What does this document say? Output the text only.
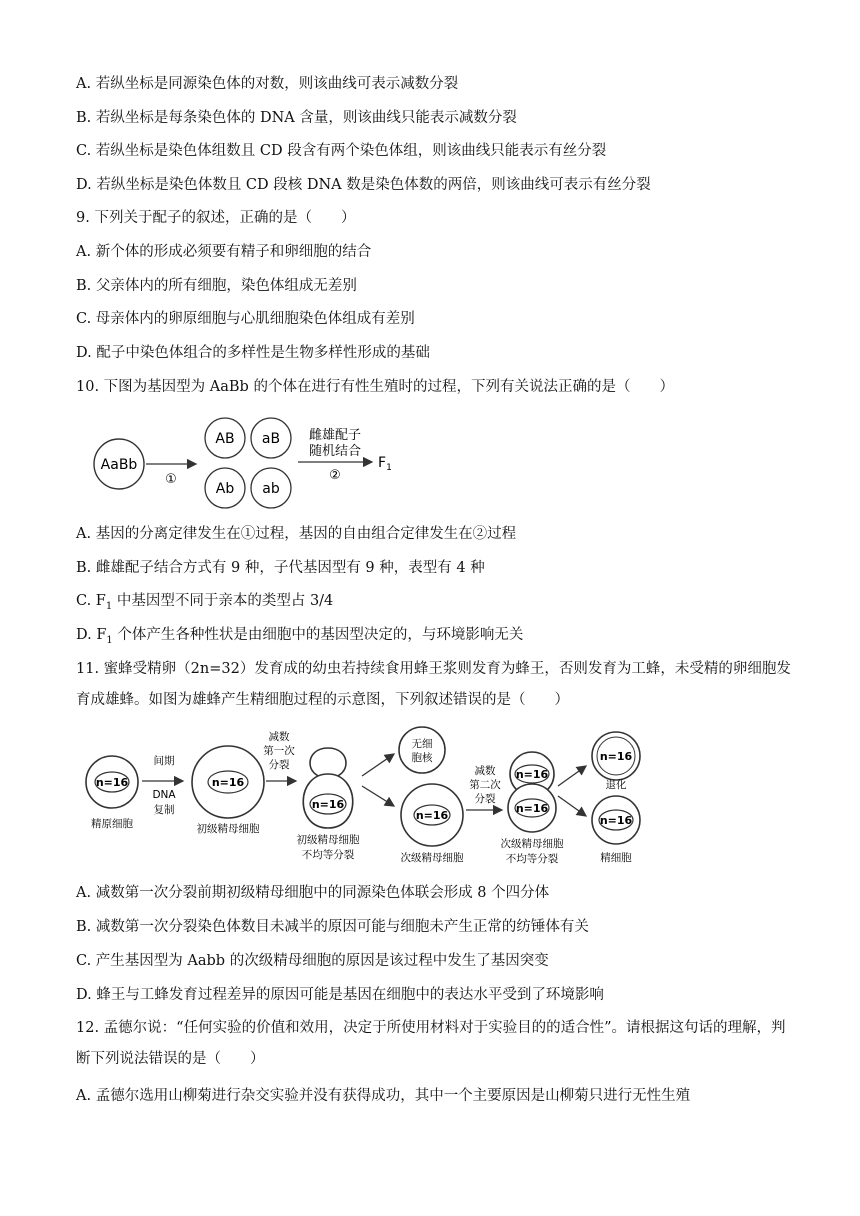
A. 若纵坐标是同源染色体的对数，则该曲线可表示减数分裂
B. 若纵坐标是每条染色体的 DNA 含量，则该曲线只能表示减数分裂
C. 若纵坐标是染色体组数且 CD 段含有两个染色体组，则该曲线只能表示有丝分裂
D. 若纵坐标是染色体数且 CD 段核 DNA 数是染色体数的两倍，则该曲线可表示有丝分裂
9. 下列关于配子的叙述，正确的是（　　）
A. 新个体的形成必须要有精子和卵细胞的结合
B. 父亲体内的所有细胞，染色体组成无差别
C. 母亲体内的卵原细胞与心肌细胞染色体组成有差别
D. 配子中染色体组合的多样性是生物多样性形成的基础
10. 下图为基因型为 AaBb 的个体在进行有性生殖时的过程，下列有关说法正确的是（　　）
AaBb
①
AB aB
Ab ab
雌雄配子
随机结合
②
$F_1$
A. 基因的分离定律发生在①过程，基因的自由组合定律发生在②过程
B. 雌雄配子结合方式有 9 种，子代基因型有 9 种，表型有 4 种
C. $F_1$ 中基因型不同于亲本的类型占 3/4
D. $F_1$ 个体产生各种性状是由细胞中的基因型决定的，与环境影响无关
11. 蜜蜂受精卵（2n=32）发育成的幼虫若持续食用蜂王浆则发育为蜂王，否则发育为工蜂，未受精的卵细胞发育成雄蜂。如图为雄蜂产生精细胞过程的示意图，下列叙述错误的是（　　）
n=16
精原细胞
间期
DNA
复制
n=16
初级精母细胞
减数
第一次
分裂
n=16
初级精母细胞
不均等分裂
无细
胞核
n=16
次级精母细胞
减数
第二次
分裂
n=16
n=16
次级精母细胞
不均等分裂
n=16
退化
n=16
精细胞
A. 减数第一次分裂前期初级精母细胞中的同源染色体联会形成 8 个四分体
B. 减数第一次分裂染色体数目未减半的原因可能与细胞未产生正常的纺锤体有关
C. 产生基因型为 Aabb 的次级精母细胞的原因是该过程中发生了基因突变
D. 蜂王与工蜂发育过程差异的原因可能是基因在细胞中的表达水平受到了环境影响
12. 孟德尔说：“任何实验的价值和效用，决定于所使用材料对于实验目的的适合性”。请根据这句话的理解，判断下列说法错误的是（　　）
A. 孟德尔选用山柳菊进行杂交实验并没有获得成功，其中一个主要原因是山柳菊只进行无性生殖
